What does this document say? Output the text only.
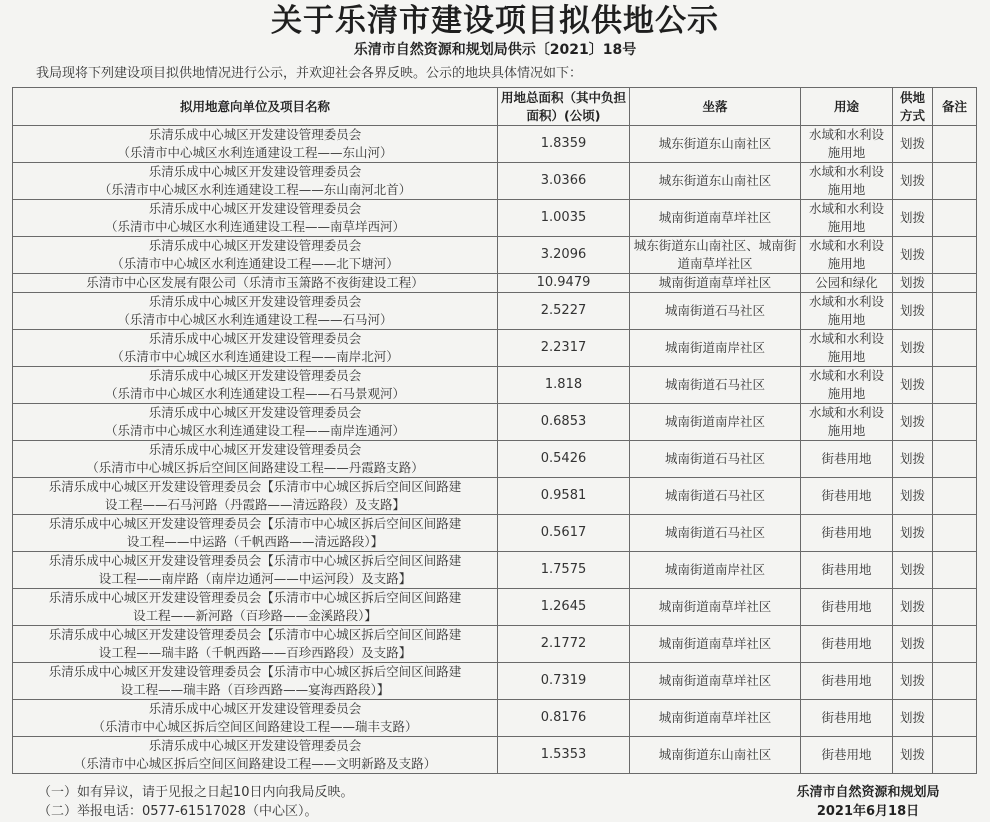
关于乐清市建设项目拟供地公示
乐清市自然资源和规划局供示〔2021〕18号
我局现将下列建设项目拟供地情况进行公示，并欢迎社会各界反映。公示的地块具体情况如下：
拟用地意向单位及项目名称	用地总面积（其中负担面积）(公顷)	坐落	用途	供地方式	备注

乐清乐成中心城区开发建设管理委员会
（乐清市中心城区水利连通建设工程——东山河）	1.8359	城东街道东山南社区	水域和水利设施用地	划拨	

乐清乐成中心城区开发建设管理委员会
（乐清市中心城区水利连通建设工程——东山南河北首）	3.0366	城东街道东山南社区	水域和水利设施用地	划拨	

乐清乐成中心城区开发建设管理委员会
（乐清市中心城区水利连通建设工程——南草垟西河）	1.0035	城南街道南草垟社区	水域和水利设施用地	划拨	

乐清乐成中心城区开发建设管理委员会
（乐清市中心城区水利连通建设工程——北下塘河）	3.2096	城东街道东山南社区、城南街道南草垟社区	水域和水利设施用地	划拨	

乐清市中心区发展有限公司（乐清市玉箫路不夜街建设工程）	10.9479	城南街道南草垟社区	公园和绿化	划拨	

乐清乐成中心城区开发建设管理委员会
（乐清市中心城区水利连通建设工程——石马河）	2.5227	城南街道石马社区	水域和水利设施用地	划拨	

乐清乐成中心城区开发建设管理委员会
（乐清市中心城区水利连通建设工程——南岸北河）	2.2317	城南街道南岸社区	水域和水利设施用地	划拨	

乐清乐成中心城区开发建设管理委员会
（乐清市中心城区水利连通建设工程——石马景观河）	1.818	城南街道石马社区	水域和水利设施用地	划拨	

乐清乐成中心城区开发建设管理委员会
（乐清市中心城区水利连通建设工程——南岸连通河）	0.6853	城南街道南岸社区	水域和水利设施用地	划拨	

乐清乐成中心城区开发建设管理委员会
（乐清市中心城区拆后空间区间路建设工程——丹霞路支路）	0.5426	城南街道石马社区	街巷用地	划拨	

乐清乐成中心城区开发建设管理委员会【乐清市中心城区拆后空间区间路建
设工程——石马河路（丹霞路——清远路段）及支路】	0.9581	城南街道石马社区	街巷用地	划拨	

乐清乐成中心城区开发建设管理委员会【乐清市中心城区拆后空间区间路建
设工程——中运路（千帆西路——清远路段）】	0.5617	城南街道石马社区	街巷用地	划拨	

乐清乐成中心城区开发建设管理委员会【乐清市中心城区拆后空间区间路建
设工程——南岸路（南岸边通河——中运河段）及支路】	1.7575	城南街道南岸社区	街巷用地	划拨	

乐清乐成中心城区开发建设管理委员会【乐清市中心城区拆后空间区间路建
设工程——新河路（百珍路——金溪路段）】	1.2645	城南街道南草垟社区	街巷用地	划拨	

乐清乐成中心城区开发建设管理委员会【乐清市中心城区拆后空间区间路建
设工程——瑞丰路（千帆西路——百珍西路段）及支路】	2.1772	城南街道南草垟社区	街巷用地	划拨	

乐清乐成中心城区开发建设管理委员会【乐清市中心城区拆后空间区间路建
设工程——瑞丰路（百珍西路——宴海西路段）】	0.7319	城南街道南草垟社区	街巷用地	划拨	

乐清乐成中心城区开发建设管理委员会
（乐清市中心城区拆后空间区间路建设工程——瑞丰支路）	0.8176	城南街道南草垟社区	街巷用地	划拨	

乐清乐成中心城区开发建设管理委员会
（乐清市中心城区拆后空间区间路建设工程——文明新路及支路）	1.5353	城南街道东山南社区	街巷用地	划拨	
（一）如有异议，请于见报之日起10日内向我局反映。
（二）举报电话：0577-61517028（中心区）。
乐清市自然资源和规划局
2021年6月18日
